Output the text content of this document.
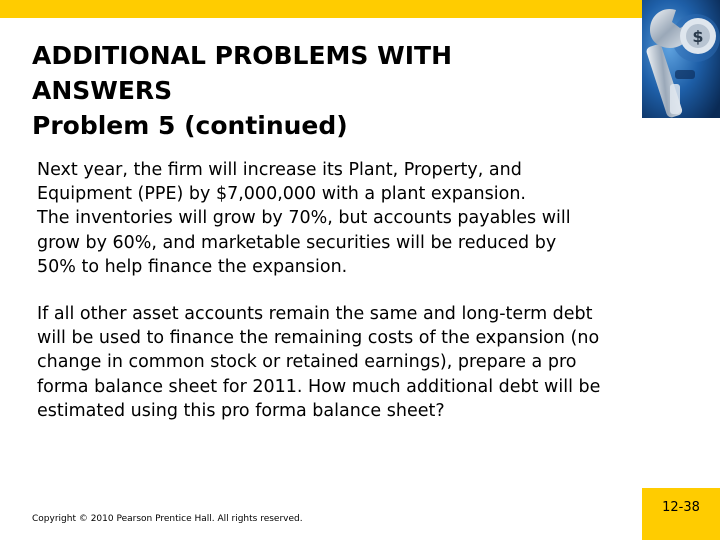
$
ADDITIONAL PROBLEMS WITH
ANSWERS
Problem 5 (continued)
Next year, the firm will increase its Plant, Property, and
Equipment (PPE) by $7,000,000 with a plant expansion.
The inventories will grow by 70%, but accounts payables will
grow by 60%, and marketable securities will be reduced by
50% to help finance the expansion.
If all other asset accounts remain the same and long-term debt
will be used to finance the remaining costs of the expansion (no
change in common stock or retained earnings), prepare a pro
forma balance sheet for 2011. How much additional debt will be
estimated using this pro forma balance sheet?
Copyright © 2010 Pearson Prentice Hall. All rights reserved.
12-38
